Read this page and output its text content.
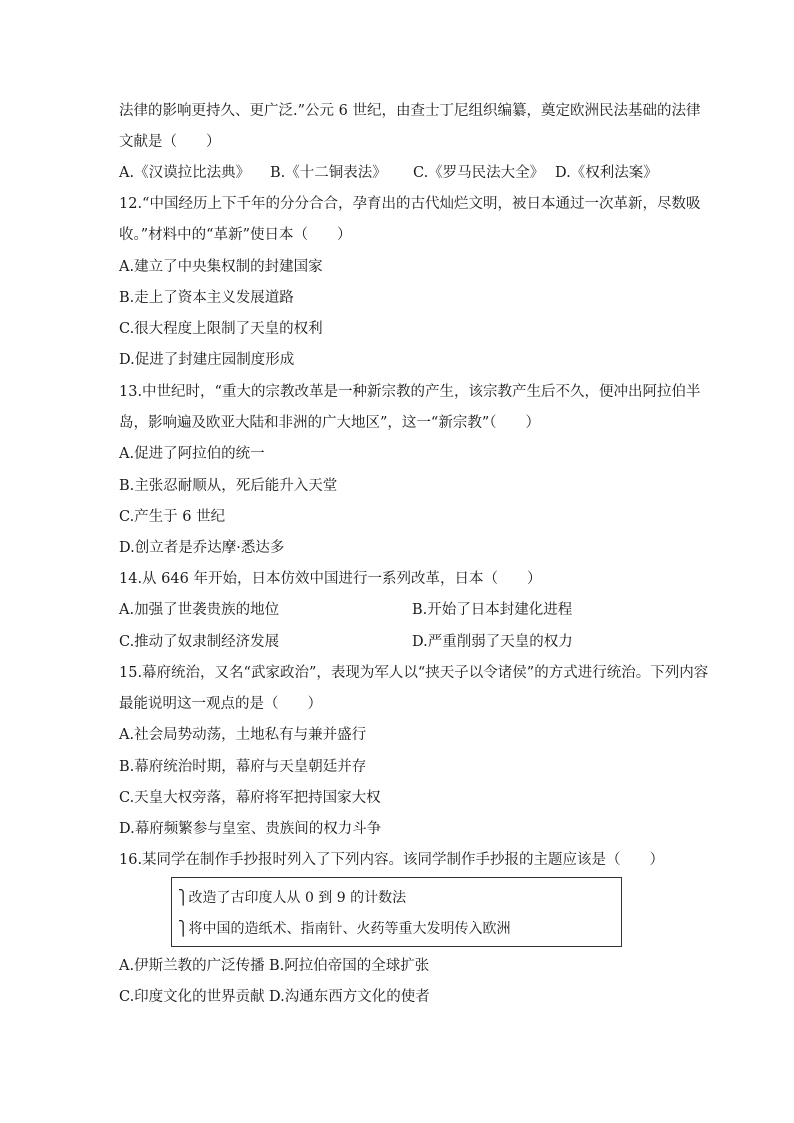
法律的影响更持久、更广泛.”公元 6 世纪，由查士丁尼组织编纂，奠定欧洲民法基础的法律
文献是（　　）
A.《汉谟拉比法典》 B.《十二铜表法》 C.《罗马民法大全》 D.《权利法案》
12.“中国经历上下千年的分分合合，孕育出的古代灿烂文明，被日本通过一次革新，尽数吸
收。”材料中的“革新”使日本（　　）
A.建立了中央集权制的封建国家
B.走上了资本主义发展道路
C.很大程度上限制了天皇的权利
D.促进了封建庄园制度形成
13.中世纪时，“重大的宗教改革是一种新宗教的产生，该宗教产生后不久，便冲出阿拉伯半
岛，影响遍及欧亚大陆和非洲的广大地区”，这一“新宗教”（　　）
A.促进了阿拉伯的统一
B.主张忍耐顺从，死后能升入天堂
C.产生于 6 世纪
D.创立者是乔达摩·悉达多
14.从 646 年开始，日本仿效中国进行一系列改革，日本（　　）
A.加强了世袭贵族的地位	B.开始了日本封建化进程
C.推动了奴隶制经济发展	D.严重削弱了天皇的权力
15.幕府统治，又名“武家政治”，表现为军人以“挟天子以令诸侯”的方式进行统治。下列内容
最能说明这一观点的是（　　）
A.社会局势动荡，土地私有与兼并盛行
B.幕府统治时期，幕府与天皇朝廷并存
C.天皇大权旁落，幕府将军把持国家大权
D.幕府频繁参与皇室、贵族间的权力斗争
16.某同学在制作手抄报时列入了下列内容。该同学制作手抄报的主题应该是（　　）
⎫改造了古印度人从 0 到 9 的计数法
⎫将中国的造纸术、指南针、火药等重大发明传入欧洲
A.伊斯兰教的广泛传播 B.阿拉伯帝国的全球扩张
C.印度文化的世界贡献 D.沟通东西方文化的使者
